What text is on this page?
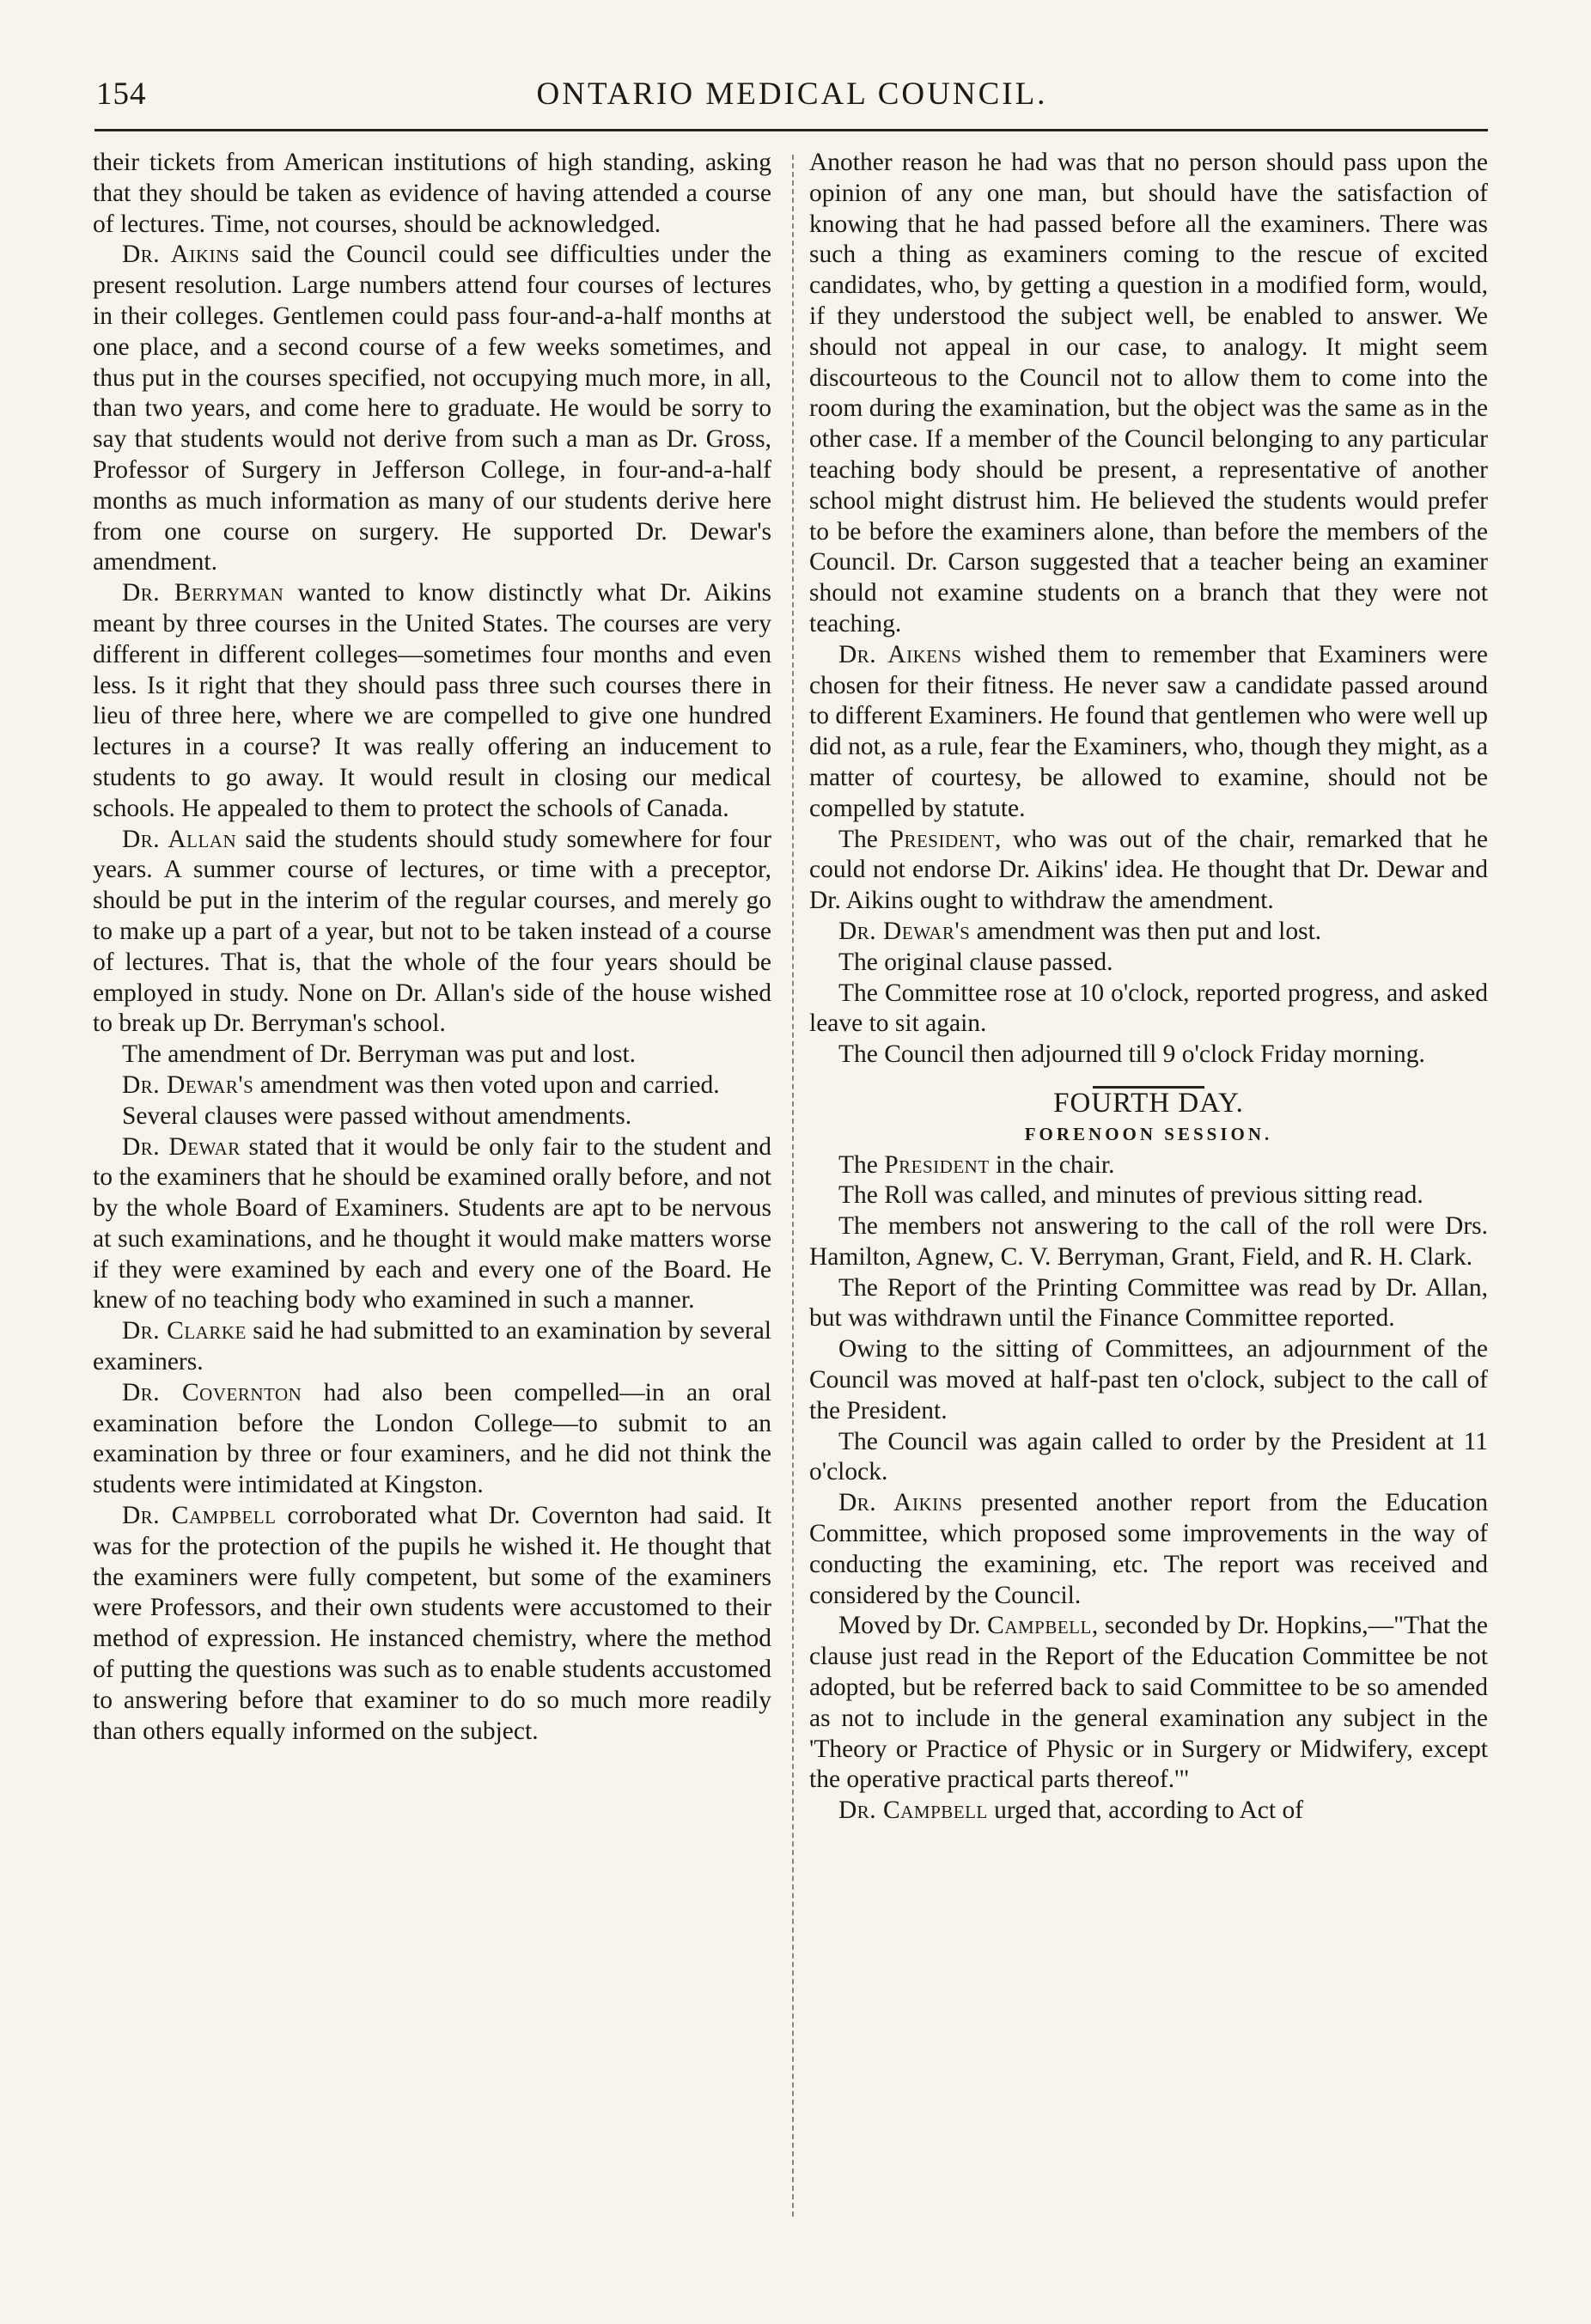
154	ONTARIO MEDICAL COUNCIL.

their tickets from American institutions of high standing, asking that they should be taken as evidence of having attended a course of lectures. Time, not courses, should be acknowledged.

Dr. Aikins said the Council could see difficulties under the present resolution. Large numbers attend four courses of lectures in their colleges. Gentlemen could pass four-and-a-half months at one place, and a second course of a few weeks sometimes, and thus put in the courses specified, not occupying much more, in all, than two years, and come here to graduate. He would be sorry to say that students would not derive from such a man as Dr. Gross, Professor of Surgery in Jefferson College, in four-and-a-half months as much information as many of our students derive here from one course on surgery. He supported Dr. Dewar's amendment.

Dr. Berryman wanted to know distinctly what Dr. Aikins meant by three courses in the United States. The courses are very different in different colleges—sometimes four months and even less. Is it right that they should pass three such courses there in lieu of three here, where we are compelled to give one hundred lectures in a course? It was really offering an inducement to students to go away. It would result in closing our medical schools. He appealed to them to protect the schools of Canada.

Dr. Allan said the students should study somewhere for four years. A summer course of lectures, or time with a preceptor, should be put in the interim of the regular courses, and merely go to make up a part of a year, but not to be taken instead of a course of lectures. That is, that the whole of the four years should be employed in study. None on Dr. Allan's side of the house wished to break up Dr. Berryman's school.

The amendment of Dr. Berryman was put and lost.

Dr. Dewar's amendment was then voted upon and carried.

Several clauses were passed without amendments.

Dr. Dewar stated that it would be only fair to the student and to the examiners that he should be examined orally before, and not by the whole Board of Examiners. Students are apt to be nervous at such examinations, and he thought it would make matters worse if they were examined by each and every one of the Board. He knew of no teaching body who examined in such a manner.

Dr. Clarke said he had submitted to an examination by several examiners.

Dr. Covernton had also been compelled—in an oral examination before the London College—to submit to an examination by three or four examiners, and he did not think the students were intimidated at Kingston.

Dr. Campbell corroborated what Dr. Covernton had said. It was for the protection of the pupils he wished it. He thought that the examiners were fully competent, but some of the examiners were Professors, and their own students were accustomed to their method of expression. He instanced chemistry, where the method of putting the questions was such as to enable students accustomed to answering before that examiner to do so much more readily than others equally informed on the subject.

Another reason he had was that no person should pass upon the opinion of any one man, but should have the satisfaction of knowing that he had passed before all the examiners. There was such a thing as examiners coming to the rescue of excited candidates, who, by getting a question in a modified form, would, if they understood the subject well, be enabled to answer. We should not appeal in our case, to analogy. It might seem discourteous to the Council not to allow them to come into the room during the examination, but the object was the same as in the other case. If a member of the Council belonging to any particular teaching body should be present, a representative of another school might distrust him. He believed the students would prefer to be before the examiners alone, than before the members of the Council. Dr. Carson suggested that a teacher being an examiner should not examine students on a branch that they were not teaching.

Dr. Aikens wished them to remember that Examiners were chosen for their fitness. He never saw a candidate passed around to different Examiners. He found that gentlemen who were well up did not, as a rule, fear the Examiners, who, though they might, as a matter of courtesy, be allowed to examine, should not be compelled by statute.

The President, who was out of the chair, remarked that he could not endorse Dr. Aikins' idea. He thought that Dr. Dewar and Dr. Aikins ought to withdraw the amendment.

Dr. Dewar's amendment was then put and lost.

The original clause passed.

The Committee rose at 10 o'clock, reported progress, and asked leave to sit again.

The Council then adjourned till 9 o'clock Friday morning.

FOURTH DAY.

FORENOON SESSION.

The President in the chair.

The Roll was called, and minutes of previous sitting read.

The members not answering to the call of the roll were Drs. Hamilton, Agnew, C. V. Berryman, Grant, Field, and R. H. Clark.

The Report of the Printing Committee was read by Dr. Allan, but was withdrawn until the Finance Committee reported.

Owing to the sitting of Committees, an adjournment of the Council was moved at half-past ten o'clock, subject to the call of the President.

The Council was again called to order by the President at 11 o'clock.

Dr. Aikins presented another report from the Education Committee, which proposed some improvements in the way of conducting the examining, etc. The report was received and considered by the Council.

Moved by Dr. Campbell, seconded by Dr. Hopkins,—"That the clause just read in the Report of the Education Committee be not adopted, but be referred back to said Committee to be so amended as not to include in the general examination any subject in the 'Theory or Practice of Physic or in Surgery or Midwifery, except the operative practical parts thereof.'"

Dr. Campbell urged that, according to Act of
